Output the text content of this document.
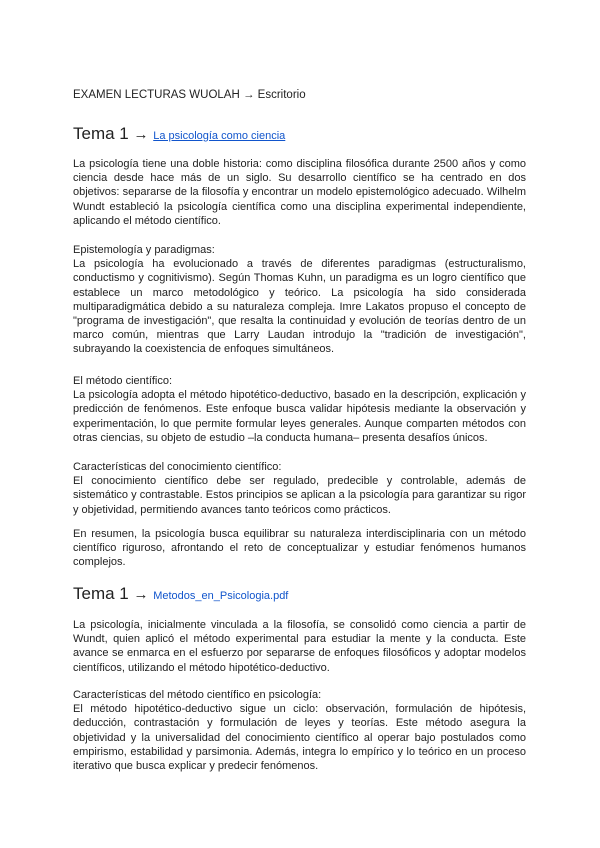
EXAMEN LECTURAS WUOLAH → Escritorio
Tema 1 → La psicología como ciencia

La psicología tiene una doble historia: como disciplina filosófica durante 2500 años y como ciencia desde hace más de un siglo. Su desarrollo científico se ha centrado en dos objetivos: separarse de la filosofía y encontrar un modelo epistemológico adecuado. Wilhelm Wundt estableció la psicología científica como una disciplina experimental independiente, aplicando el método científico.

Epistemología y paradigmas:
La psicología ha evolucionado a través de diferentes paradigmas (estructuralismo, conductismo y cognitivismo). Según Thomas Kuhn, un paradigma es un logro científico que establece un marco metodológico y teórico. La psicología ha sido considerada multiparadigmática debido a su naturaleza compleja. Imre Lakatos propuso el concepto de "programa de investigación", que resalta la continuidad y evolución de teorías dentro de un marco común, mientras que Larry Laudan introdujo la "tradición de investigación", subrayando la coexistencia de enfoques simultáneos.

El método científico:
La psicología adopta el método hipotético-deductivo, basado en la descripción, explicación y predicción de fenómenos. Este enfoque busca validar hipótesis mediante la observación y experimentación, lo que permite formular leyes generales. Aunque comparten métodos con otras ciencias, su objeto de estudio –la conducta humana– presenta desafíos únicos.

Características del conocimiento científico:
El conocimiento científico debe ser regulado, predecible y controlable, además de sistemático y contrastable. Estos principios se aplican a la psicología para garantizar su rigor y objetividad, permitiendo avances tanto teóricos como prácticos.

En resumen, la psicología busca equilibrar su naturaleza interdisciplinaria con un método científico riguroso, afrontando el reto de conceptualizar y estudiar fenómenos humanos complejos.

Tema 1 → Metodos_en_Psicologia.pdf

La psicología, inicialmente vinculada a la filosofía, se consolidó como ciencia a partir de Wundt, quien aplicó el método experimental para estudiar la mente y la conducta. Este avance se enmarca en el esfuerzo por separarse de enfoques filosóficos y adoptar modelos científicos, utilizando el método hipotético-deductivo.

Características del método científico en psicología:
El método hipotético-deductivo sigue un ciclo: observación, formulación de hipótesis, deducción, contrastación y formulación de leyes y teorías. Este método asegura la objetividad y la universalidad del conocimiento científico al operar bajo postulados como empirismo, estabilidad y parsimonia. Además, integra lo empírico y lo teórico en un proceso iterativo que busca explicar y predecir fenómenos.
